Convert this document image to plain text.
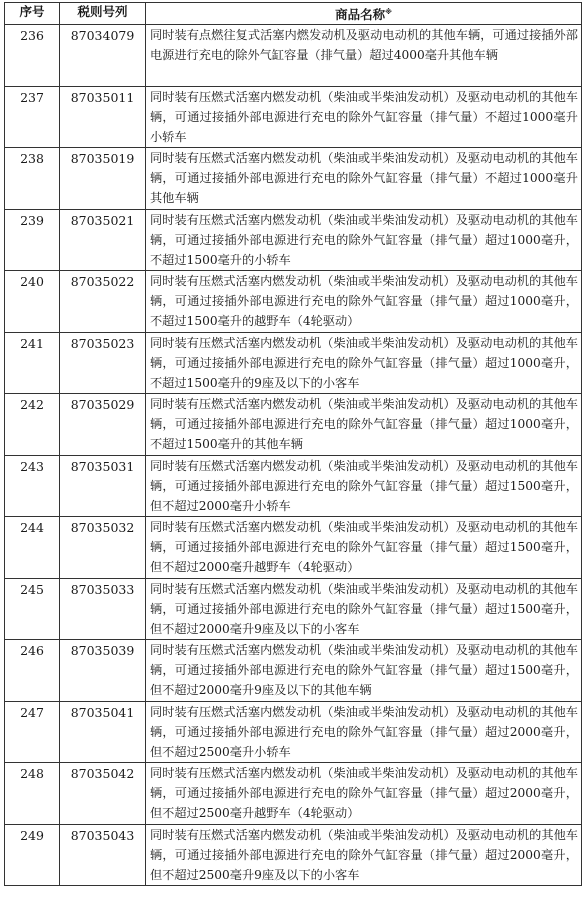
序号	税则号列	商品名称※
236	87034079	同时装有点燃往复式活塞内燃发动机及驱动电动机的其他车辆，可通过接插外部电源进行充电的除外气缸容量（排气量）超过4000毫升其他车辆
237	87035011	同时装有压燃式活塞内燃发动机（柴油或半柴油发动机）及驱动电动机的其他车辆，可通过接插外部电源进行充电的除外气缸容量（排气量）不超过1000毫升小轿车
238	87035019	同时装有压燃式活塞内燃发动机（柴油或半柴油发动机）及驱动电动机的其他车辆，可通过接插外部电源进行充电的除外气缸容量（排气量）不超过1000毫升其他车辆
239	87035021	同时装有压燃式活塞内燃发动机（柴油或半柴油发动机）及驱动电动机的其他车辆，可通过接插外部电源进行充电的除外气缸容量（排气量）超过1000毫升，不超过1500毫升的小轿车
240	87035022	同时装有压燃式活塞内燃发动机（柴油或半柴油发动机）及驱动电动机的其他车辆，可通过接插外部电源进行充电的除外气缸容量（排气量）超过1000毫升，不超过1500毫升的越野车（4轮驱动）
241	87035023	同时装有压燃式活塞内燃发动机（柴油或半柴油发动机）及驱动电动机的其他车辆，可通过接插外部电源进行充电的除外气缸容量（排气量）超过1000毫升，不超过1500毫升的9座及以下的小客车
242	87035029	同时装有压燃式活塞内燃发动机（柴油或半柴油发动机）及驱动电动机的其他车辆，可通过接插外部电源进行充电的除外气缸容量（排气量）超过1000毫升，不超过1500毫升的其他车辆
243	87035031	同时装有压燃式活塞内燃发动机（柴油或半柴油发动机）及驱动电动机的其他车辆，可通过接插外部电源进行充电的除外气缸容量（排气量）超过1500毫升，但不超过2000毫升小轿车
244	87035032	同时装有压燃式活塞内燃发动机（柴油或半柴油发动机）及驱动电动机的其他车辆，可通过接插外部电源进行充电的除外气缸容量（排气量）超过1500毫升，但不超过2000毫升越野车（4轮驱动）
245	87035033	同时装有压燃式活塞内燃发动机（柴油或半柴油发动机）及驱动电动机的其他车辆，可通过接插外部电源进行充电的除外气缸容量（排气量）超过1500毫升，但不超过2000毫升9座及以下的小客车
246	87035039	同时装有压燃式活塞内燃发动机（柴油或半柴油发动机）及驱动电动机的其他车辆，可通过接插外部电源进行充电的除外气缸容量（排气量）超过1500毫升，但不超过2000毫升9座及以下的其他车辆
247	87035041	同时装有压燃式活塞内燃发动机（柴油或半柴油发动机）及驱动电动机的其他车辆，可通过接插外部电源进行充电的除外气缸容量（排气量）超过2000毫升，但不超过2500毫升小轿车
248	87035042	同时装有压燃式活塞内燃发动机（柴油或半柴油发动机）及驱动电动机的其他车辆，可通过接插外部电源进行充电的除外气缸容量（排气量）超过2000毫升，但不超过2500毫升越野车（4轮驱动）
249	87035043	同时装有压燃式活塞内燃发动机（柴油或半柴油发动机）及驱动电动机的其他车辆，可通过接插外部电源进行充电的除外气缸容量（排气量）超过2000毫升，但不超过2500毫升9座及以下的小客车
